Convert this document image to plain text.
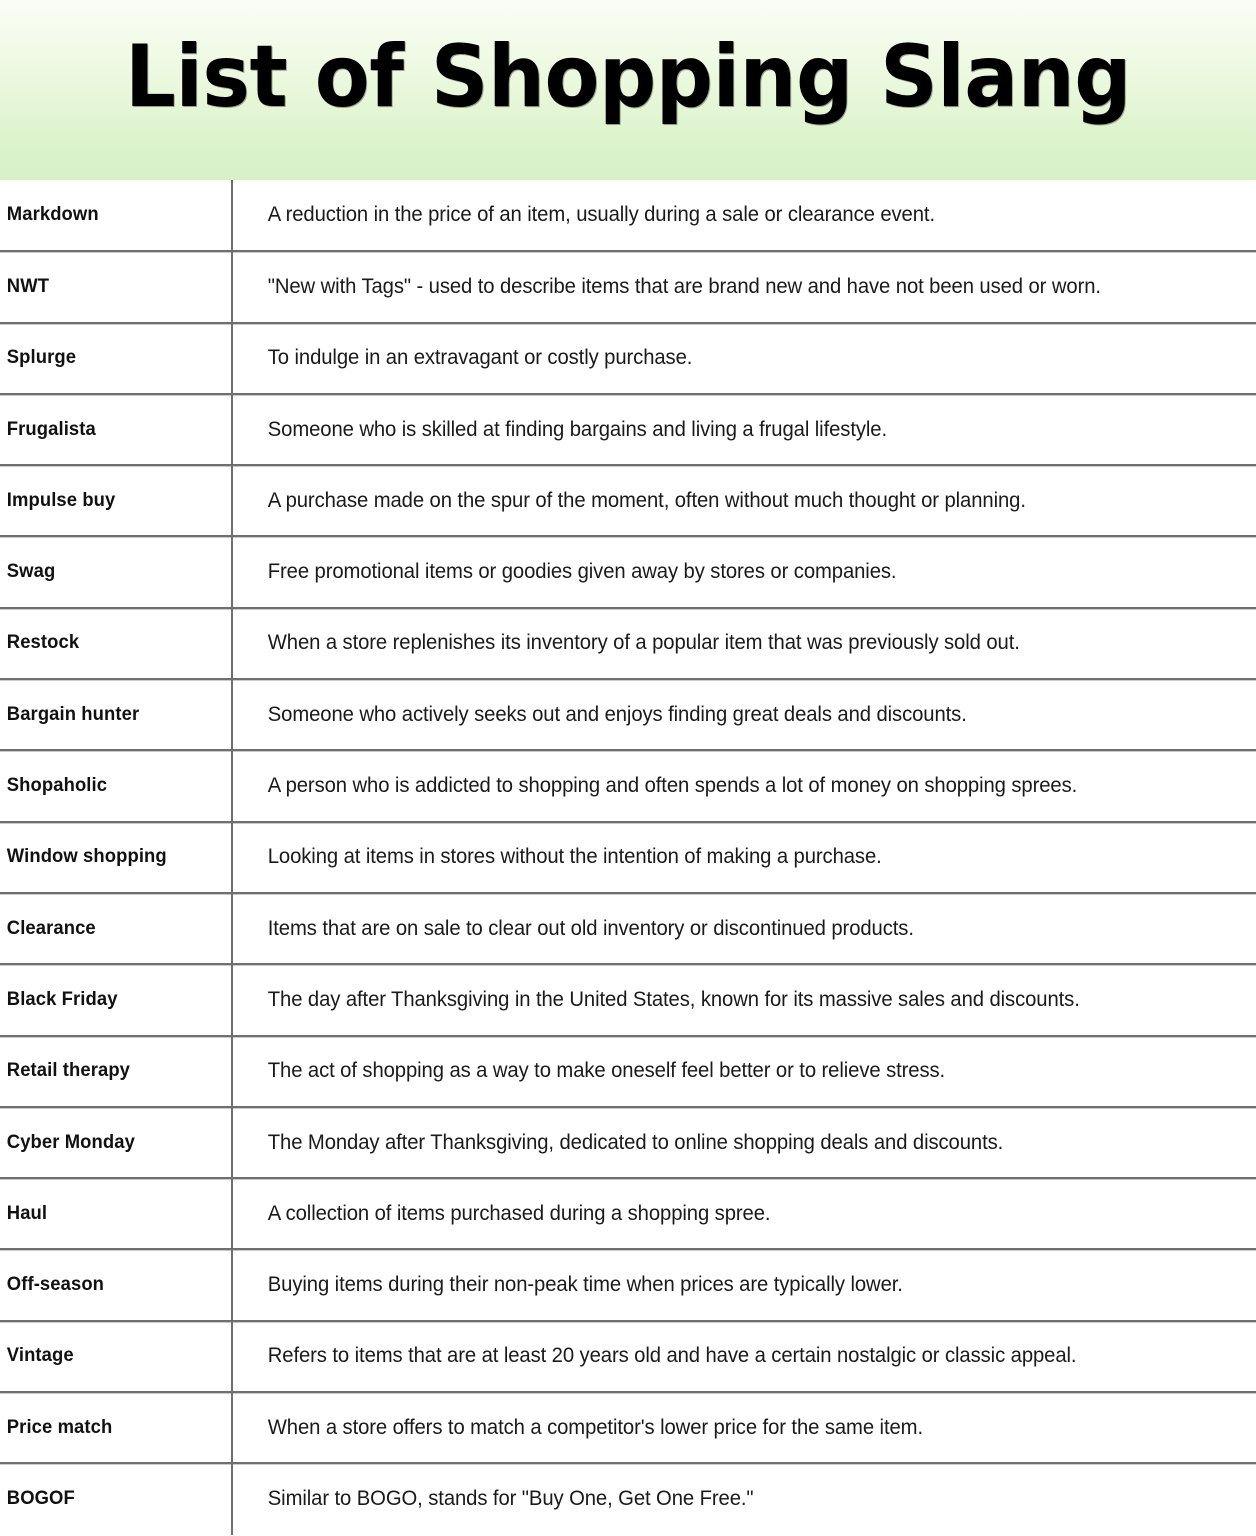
List of Shopping Slang
Markdown	A reduction in the price of an item, usually during a sale or clearance event.

NWT	"New with Tags" - used to describe items that are brand new and have not been used or worn.

Splurge	To indulge in an extravagant or costly purchase.

Frugalista	Someone who is skilled at finding bargains and living a frugal lifestyle.

Impulse buy	A purchase made on the spur of the moment, often without much thought or planning.

Swag	Free promotional items or goodies given away by stores or companies.

Restock	When a store replenishes its inventory of a popular item that was previously sold out.

Bargain hunter	Someone who actively seeks out and enjoys finding great deals and discounts.

Shopaholic	A person who is addicted to shopping and often spends a lot of money on shopping sprees.

Window shopping	Looking at items in stores without the intention of making a purchase.

Clearance	Items that are on sale to clear out old inventory or discontinued products.

Black Friday	The day after Thanksgiving in the United States, known for its massive sales and discounts.

Retail therapy	The act of shopping as a way to make oneself feel better or to relieve stress.

Cyber Monday	The Monday after Thanksgiving, dedicated to online shopping deals and discounts.

Haul	A collection of items purchased during a shopping spree.

Off-season	Buying items during their non-peak time when prices are typically lower.

Vintage	Refers to items that are at least 20 years old and have a certain nostalgic or classic appeal.

Price match	When a store offers to match a competitor's lower price for the same item.

BOGOF	Similar to BOGO, stands for "Buy One, Get One Free."
